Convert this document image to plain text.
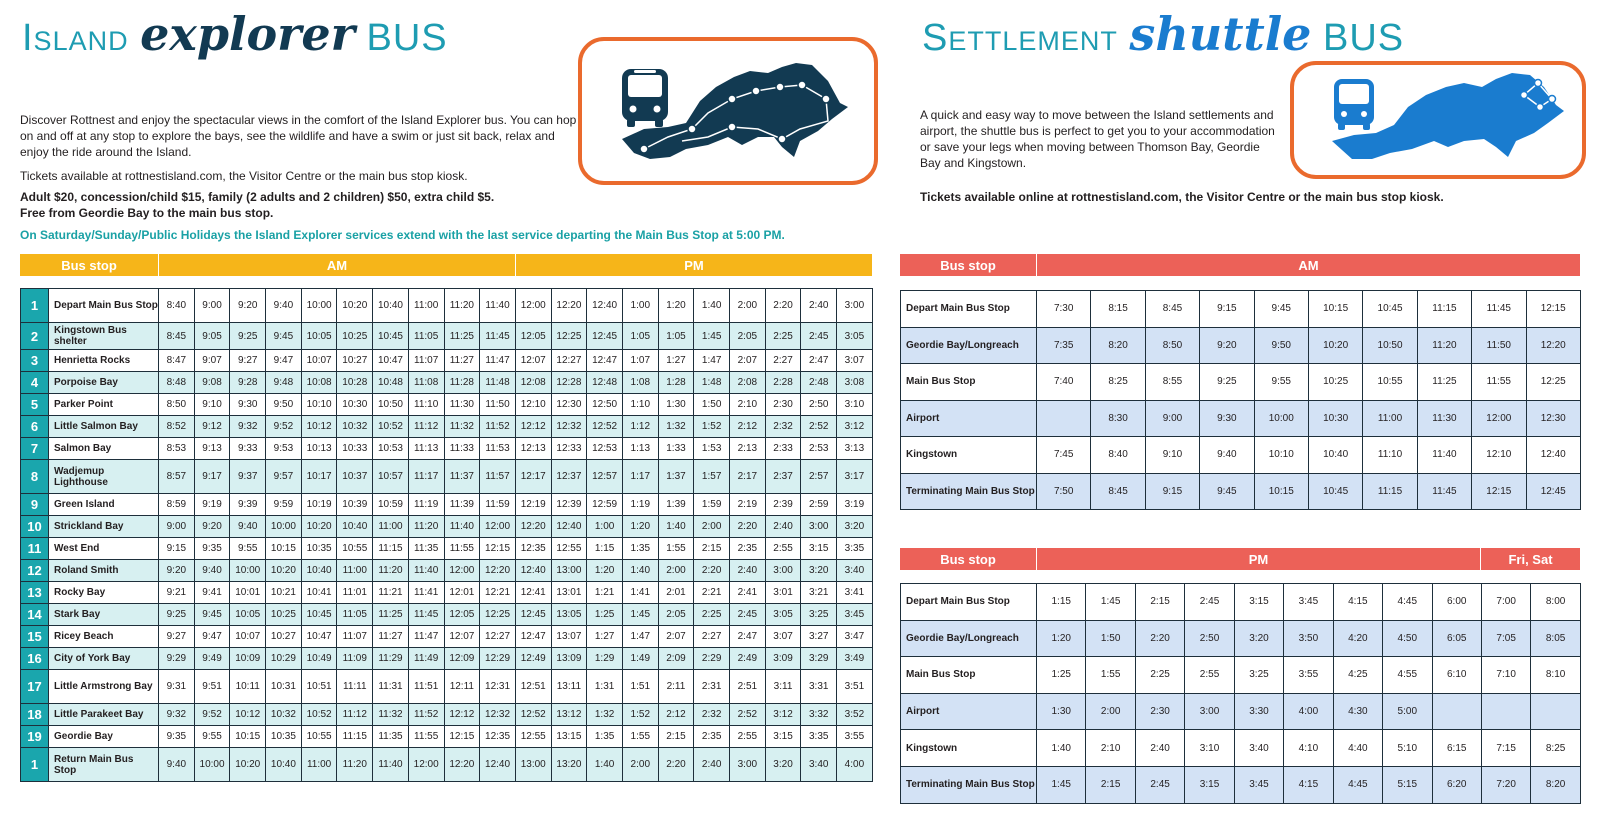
Island explorer BUS
Discover Rottnest and enjoy the spectacular views in the comfort of the Island Explorer bus. You can hop on and off at any stop to explore the bays, see the wildlife and have a swim or just sit back, relax and enjoy the ride around the Island.
Tickets available at rottnestisland.com, the Visitor Centre or the main bus stop kiosk.
Adult $20, concession/child $15, family (2 adults and 2 children) $50, extra child $5.
Free from Geordie Bay to the main bus stop.
On Saturday/Sunday/Public Holidays the Island Explorer services extend with the last service departing the Main Bus Stop at 5:00 PM.
Bus stop	AM	PM
1	Depart Main Bus Stop	8:40	9:00	9:20	9:40	10:00	10:20	10:40	11:00	11:20	11:40	12:00	12:20	12:40	1:00	1:20	1:40	2:00	2:20	2:40	3:00
2	Kingstown Bus shelter	8:45	9:05	9:25	9:45	10:05	10:25	10:45	11:05	11:25	11:45	12:05	12:25	12:45	1:05	1:05	1:45	2:05	2:25	2:45	3:05
3	Henrietta Rocks	8:47	9:07	9:27	9:47	10:07	10:27	10:47	11:07	11:27	11:47	12:07	12:27	12:47	1:07	1:27	1:47	2:07	2:27	2:47	3:07
4	Porpoise Bay	8:48	9:08	9:28	9:48	10:08	10:28	10:48	11:08	11:28	11:48	12:08	12:28	12:48	1:08	1:28	1:48	2:08	2:28	2:48	3:08
5	Parker Point	8:50	9:10	9:30	9:50	10:10	10:30	10:50	11:10	11:30	11:50	12:10	12:30	12:50	1:10	1:30	1:50	2:10	2:30	2:50	3:10
6	Little Salmon Bay	8:52	9:12	9:32	9:52	10:12	10:32	10:52	11:12	11:32	11:52	12:12	12:32	12:52	1:12	1:32	1:52	2:12	2:32	2:52	3:12
7	Salmon Bay	8:53	9:13	9:33	9:53	10:13	10:33	10:53	11:13	11:33	11:53	12:13	12:33	12:53	1:13	1:33	1:53	2:13	2:33	2:53	3:13
8	Wadjemup Lighthouse	8:57	9:17	9:37	9:57	10:17	10:37	10:57	11:17	11:37	11:57	12:17	12:37	12:57	1:17	1:37	1:57	2:17	2:37	2:57	3:17
9	Green Island	8:59	9:19	9:39	9:59	10:19	10:39	10:59	11:19	11:39	11:59	12:19	12:39	12:59	1:19	1:39	1:59	2:19	2:39	2:59	3:19
10	Strickland Bay	9:00	9:20	9:40	10:00	10:20	10:40	11:00	11:20	11:40	12:00	12:20	12:40	1:00	1:20	1:40	2:00	2:20	2:40	3:00	3:20
11	West End	9:15	9:35	9:55	10:15	10:35	10:55	11:15	11:35	11:55	12:15	12:35	12:55	1:15	1:35	1:55	2:15	2:35	2:55	3:15	3:35
12	Roland Smith	9:20	9:40	10:00	10:20	10:40	11:00	11:20	11:40	12:00	12:20	12:40	13:00	1:20	1:40	2:00	2:20	2:40	3:00	3:20	3:40
13	Rocky Bay	9:21	9:41	10:01	10:21	10:41	11:01	11:21	11:41	12:01	12:21	12:41	13:01	1:21	1:41	2:01	2:21	2:41	3:01	3:21	3:41
14	Stark Bay	9:25	9:45	10:05	10:25	10:45	11:05	11:25	11:45	12:05	12:25	12:45	13:05	1:25	1:45	2:05	2:25	2:45	3:05	3:25	3:45
15	Ricey Beach	9:27	9:47	10:07	10:27	10:47	11:07	11:27	11:47	12:07	12:27	12:47	13:07	1:27	1:47	2:07	2:27	2:47	3:07	3:27	3:47
16	City of York Bay	9:29	9:49	10:09	10:29	10:49	11:09	11:29	11:49	12:09	12:29	12:49	13:09	1:29	1:49	2:09	2:29	2:49	3:09	3:29	3:49
17	Little Armstrong Bay	9:31	9:51	10:11	10:31	10:51	11:11	11:31	11:51	12:11	12:31	12:51	13:11	1:31	1:51	2:11	2:31	2:51	3:11	3:31	3:51
18	Little Parakeet Bay	9:32	9:52	10:12	10:32	10:52	11:12	11:32	11:52	12:12	12:32	12:52	13:12	1:32	1:52	2:12	2:32	2:52	3:12	3:32	3:52
19	Geordie Bay	9:35	9:55	10:15	10:35	10:55	11:15	11:35	11:55	12:15	12:35	12:55	13:15	1:35	1:55	2:15	2:35	2:55	3:15	3:35	3:55
1	Return Main Bus Stop	9:40	10:00	10:20	10:40	11:00	11:20	11:40	12:00	12:20	12:40	13:00	13:20	1:40	2:00	2:20	2:40	3:00	3:20	3:40	4:00
Settlement shuttle BUS
A quick and easy way to move between the Island settlements and airport, the shuttle bus is perfect to get you to your accommodation or save your legs when moving between Thomson Bay, Geordie Bay and Kingstown.
Tickets available online at rottnestisland.com, the Visitor Centre or the main bus stop kiosk.
Bus stop	AM
Depart Main Bus Stop	7:30	8:15	8:45	9:15	9:45	10:15	10:45	11:15	11:45	12:15
Geordie Bay/Longreach	7:35	8:20	8:50	9:20	9:50	10:20	10:50	11:20	11:50	12:20
Main Bus Stop	7:40	8:25	8:55	9:25	9:55	10:25	10:55	11:25	11:55	12:25
Airport		8:30	9:00	9:30	10:00	10:30	11:00	11:30	12:00	12:30
Kingstown	7:45	8:40	9:10	9:40	10:10	10:40	11:10	11:40	12:10	12:40
Terminating Main Bus Stop	7:50	8:45	9:15	9:45	10:15	10:45	11:15	11:45	12:15	12:45
Bus stop	PM	Fri, Sat
Depart Main Bus Stop	1:15	1:45	2:15	2:45	3:15	3:45	4:15	4:45	6:00	7:00	8:00
Geordie Bay/Longreach	1:20	1:50	2:20	2:50	3:20	3:50	4:20	4:50	6:05	7:05	8:05
Main Bus Stop	1:25	1:55	2:25	2:55	3:25	3:55	4:25	4:55	6:10	7:10	8:10
Airport	1:30	2:00	2:30	3:00	3:30	4:00	4:30	5:00			
Kingstown	1:40	2:10	2:40	3:10	3:40	4:10	4:40	5:10	6:15	7:15	8:25
Terminating Main Bus Stop	1:45	2:15	2:45	3:15	3:45	4:15	4:45	5:15	6:20	7:20	8:20
